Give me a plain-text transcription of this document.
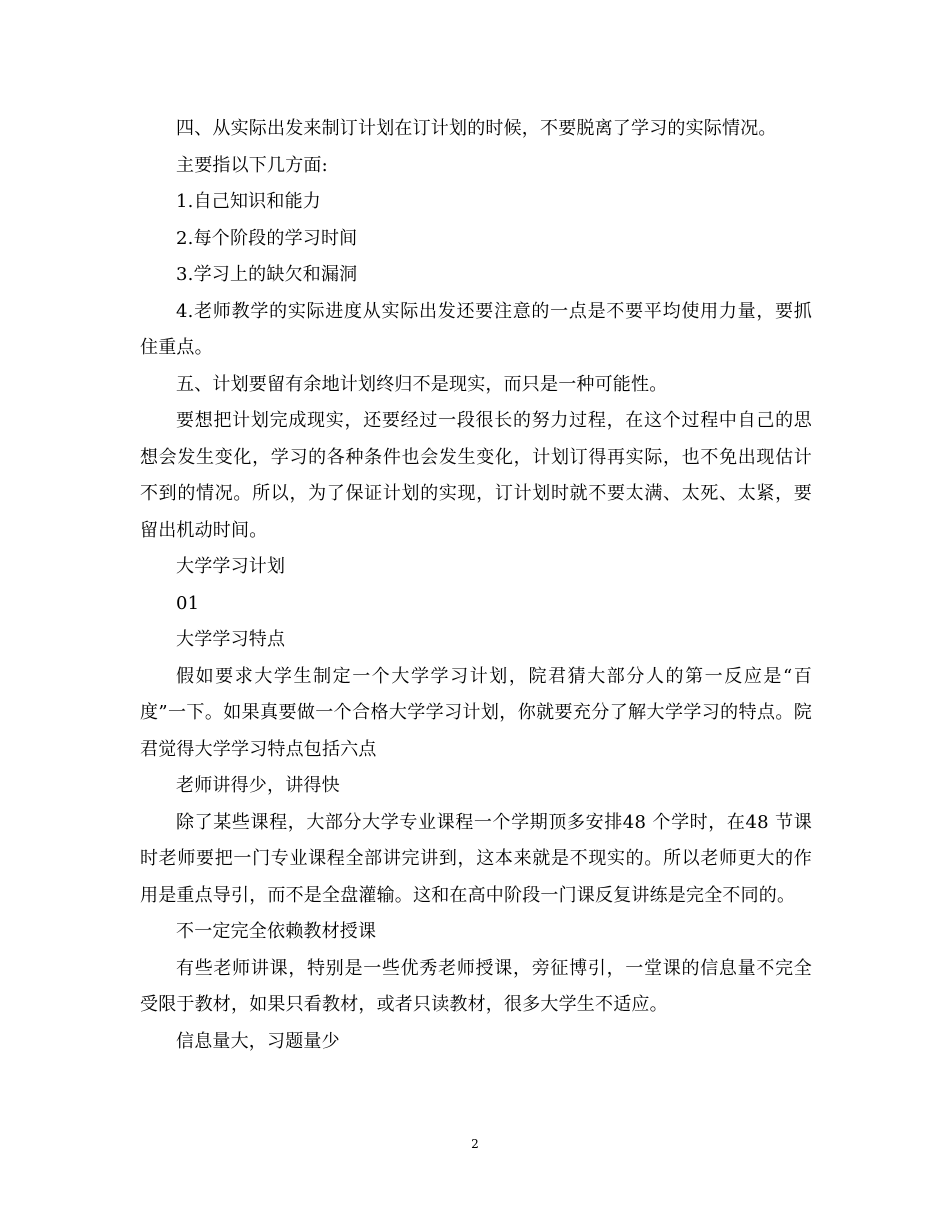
四、从实际出发来制订计划在订计划的时候，不要脱离了学习的实际情况。

主要指以下几方面:

1.自己知识和能力

2.每个阶段的学习时间

3.学习上的缺欠和漏洞

4.老师教学的实际进度从实际出发还要注意的一点是不要平均使用力量，要抓住重点。

五、计划要留有余地计划终归不是现实，而只是一种可能性。

要想把计划完成现实，还要经过一段很长的努力过程，在这个过程中自己的思想会发生变化，学习的各种条件也会发生变化，计划订得再实际，也不免出现估计不到的情况。所以，为了保证计划的实现，订计划时就不要太满、太死、太紧，要留出机动时间。

大学学习计划

01

大学学习特点

假如要求大学生制定一个大学学习计划，院君猜大部分人的第一反应是“百度”一下。如果真要做一个合格大学学习计划，你就要充分了解大学学习的特点。院君觉得大学学习特点包括六点

老师讲得少，讲得快

除了某些课程，大部分大学专业课程一个学期顶多安排48 个学时，在48 节课时老师要把一门专业课程全部讲完讲到，这本来就是不现实的。所以老师更大的作用是重点导引，而不是全盘灌输。这和在高中阶段一门课反复讲练是完全不同的。

不一定完全依赖教材授课

有些老师讲课，特别是一些优秀老师授课，旁征博引，一堂课的信息量不完全受限于教材，如果只看教材，或者只读教材，很多大学生不适应。

信息量大，习题量少

2
